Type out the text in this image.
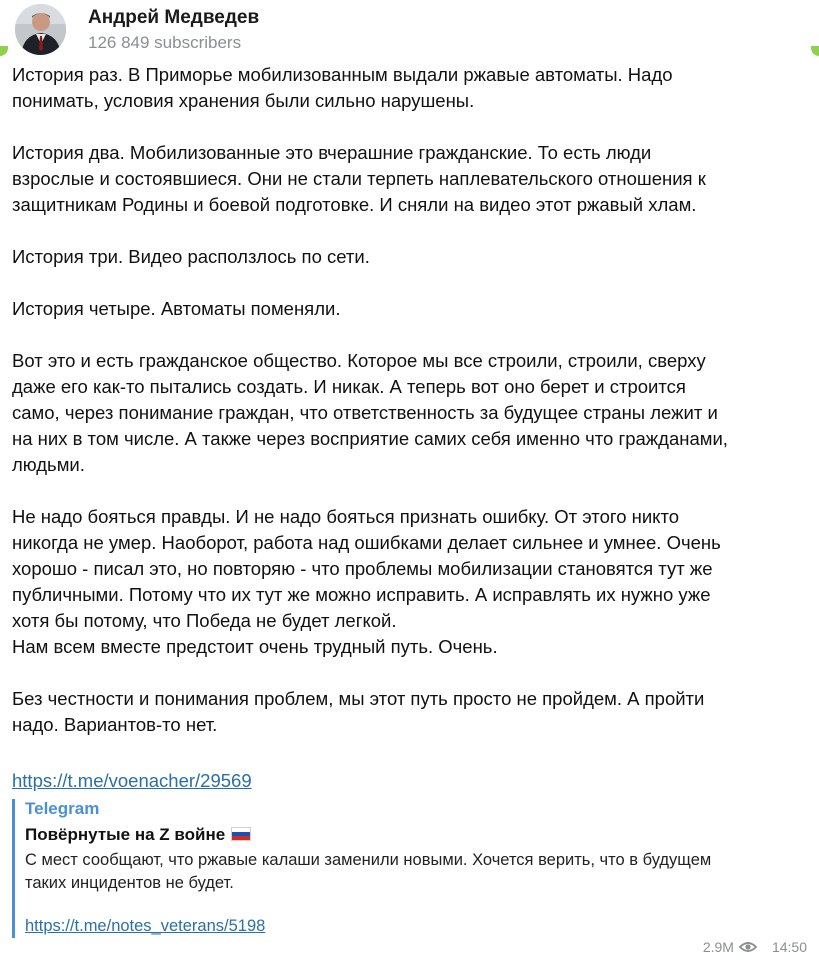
Андрей Медведев
126 849 subscribers

История раз. В Приморье мобилизованным выдали ржавые автоматы. Надо
понимать, условия хранения были сильно нарушены.

История два. Мобилизованные это вчерашние гражданские. То есть люди
взрослые и состоявшиеся. Они не стали терпеть наплевательского отношения к
защитникам Родины и боевой подготовке. И сняли на видео этот ржавый хлам.

История три. Видео расползлось по сети.

История четыре. Автоматы поменяли.

Вот это и есть гражданское общество. Которое мы все строили, строили, сверху
даже его как-то пытались создать. И никак. А теперь вот оно берет и строится
само, через понимание граждан, что ответственность за будущее страны лежит и
на них в том числе. А также через восприятие самих себя именно что гражданами,
людьми.

Не надо бояться правды. И не надо бояться признать ошибку. От этого никто
никогда не умер. Наоборот, работа над ошибками делает сильнее и умнее. Очень
хорошо - писал это, но повторяю - что проблемы мобилизации становятся тут же
публичными. Потому что их тут же можно исправить. А исправлять их нужно уже
хотя бы потому, что Победа не будет легкой.
Нам всем вместе предстоит очень трудный путь. Очень.

Без честности и понимания проблем, мы этот путь просто не пройдем. А пройти
надо. Вариантов-то нет.

https://t.me/voenacher/29569
Telegram
Повёрнутые на Z войне
С мест сообщают, что ржавые калаши заменили новыми. Хочется верить, что в будущем
таких инцидентов не будет.
https://t.me/notes_veterans/5198
2.9M	14:50
